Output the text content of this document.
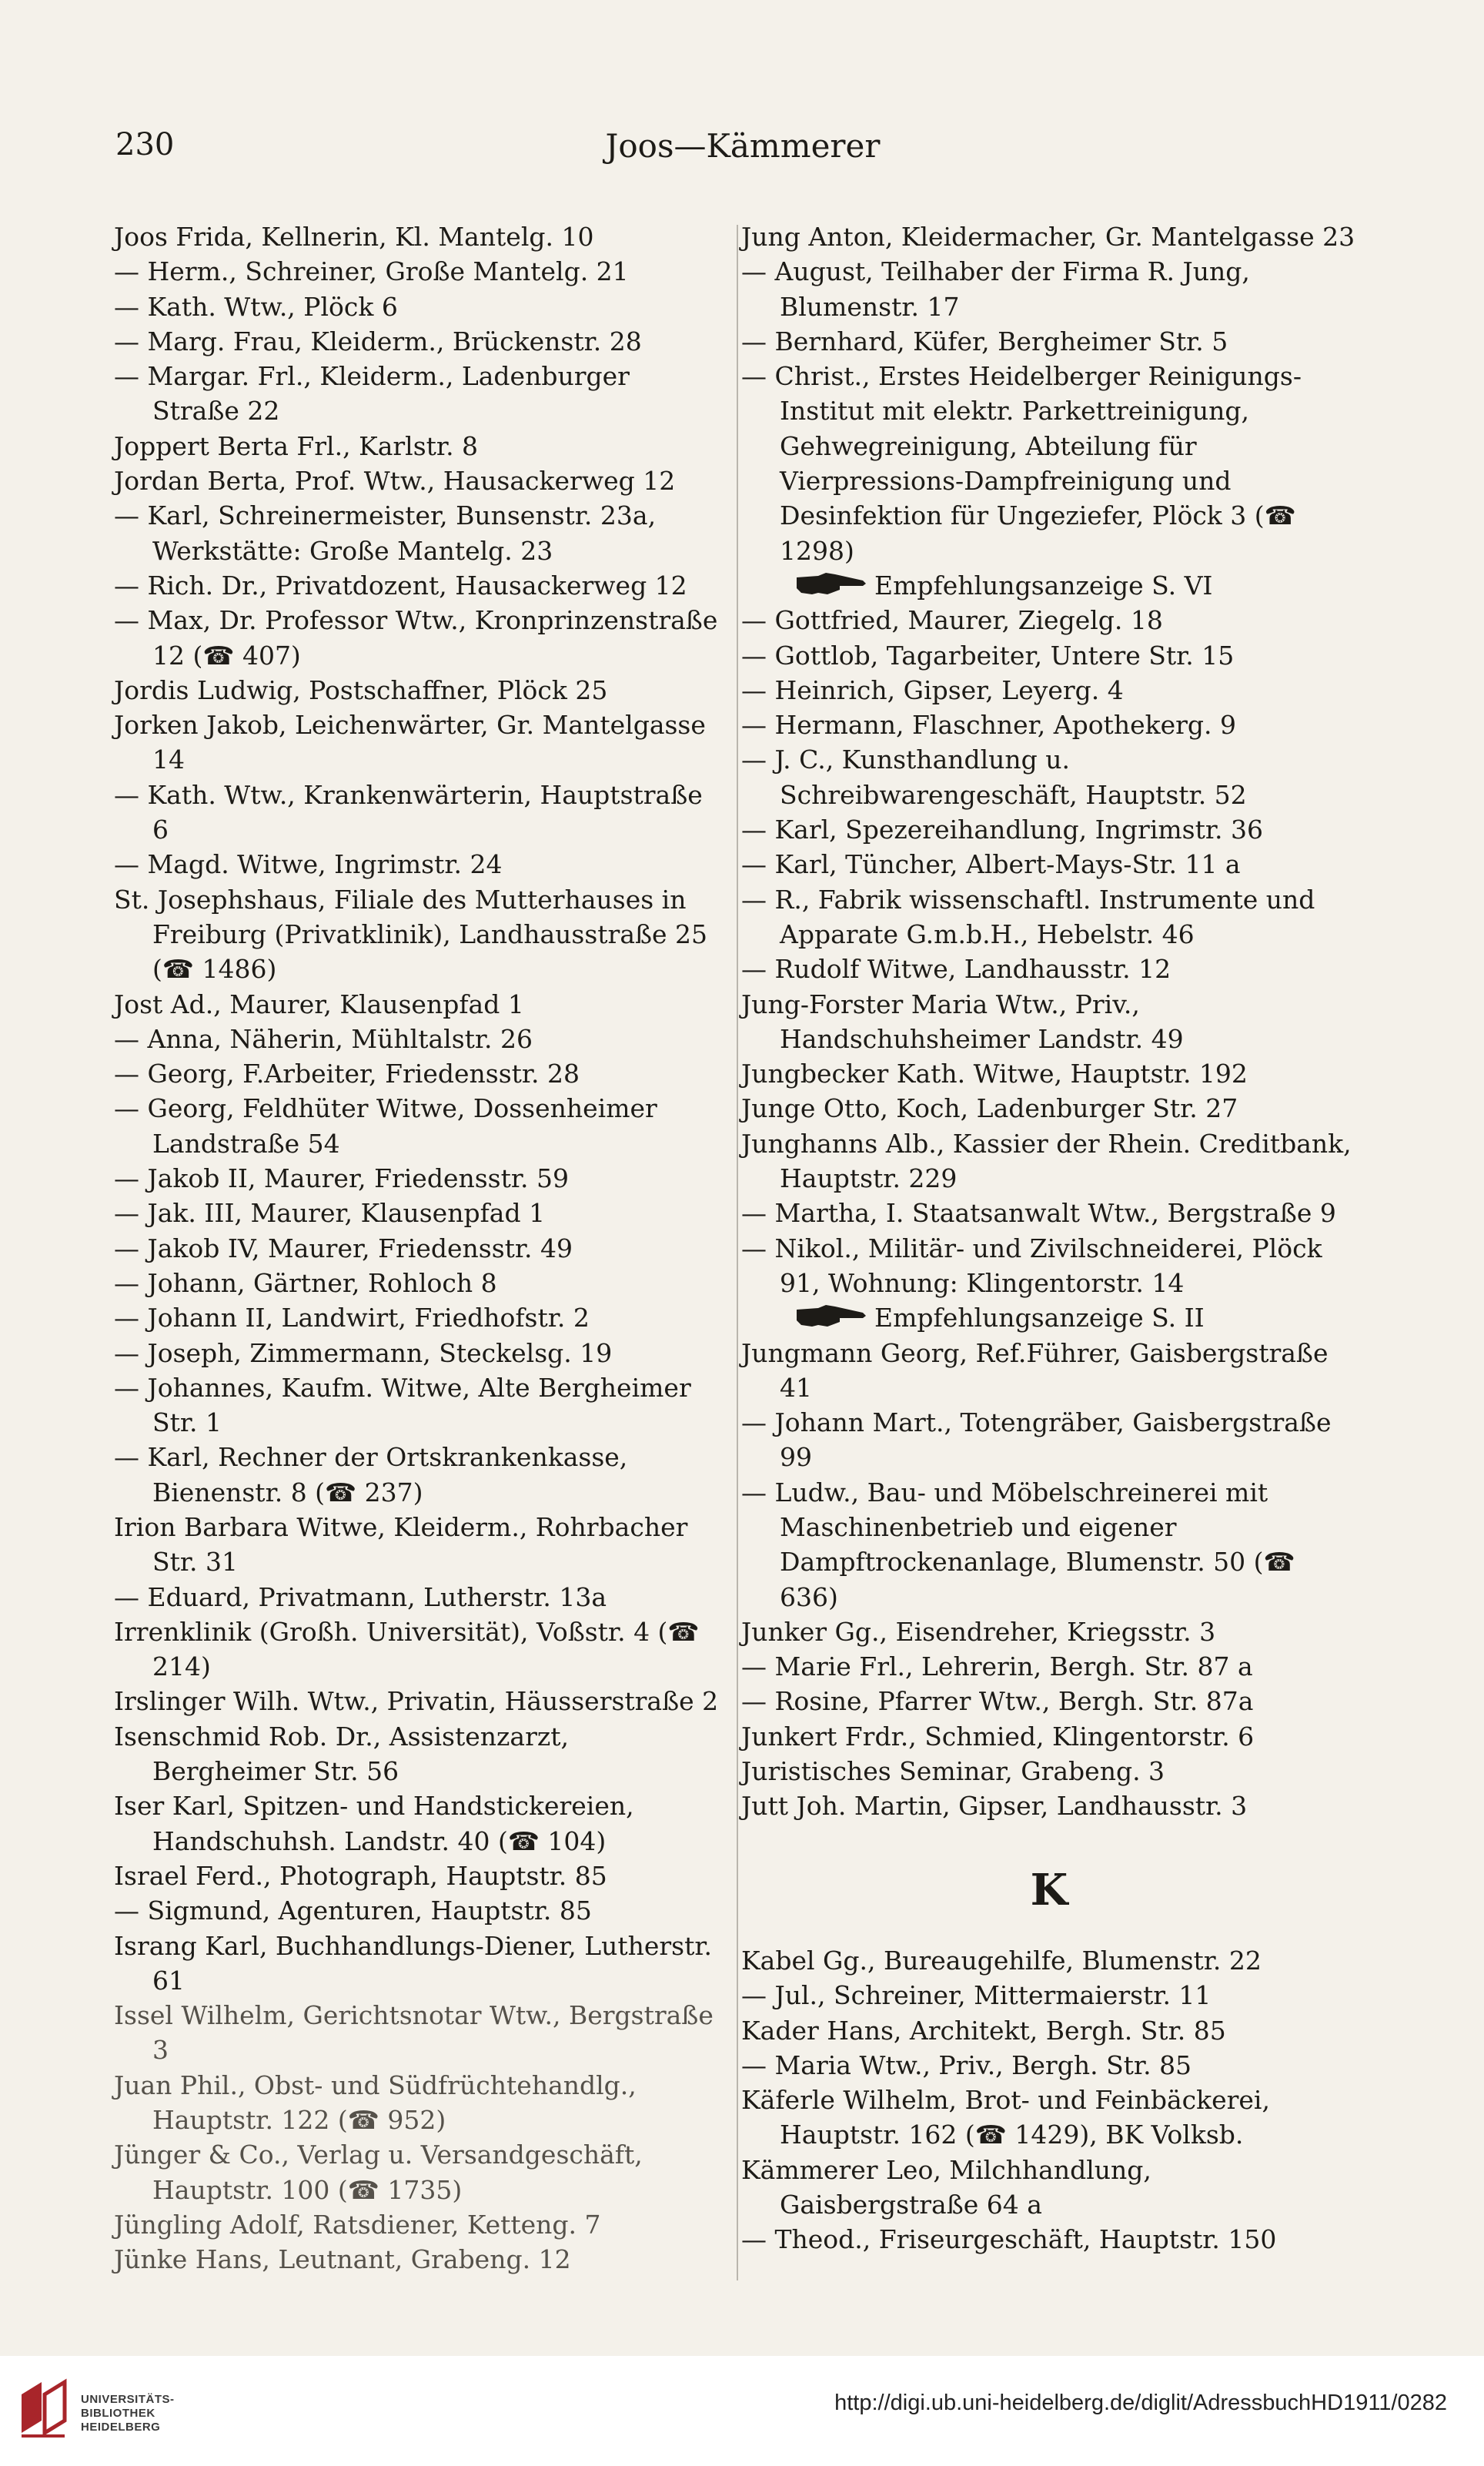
230	Joos—Kämmerer

Joos Frida, Kellnerin, Kl. Mantelg. 10

— Herm., Schreiner, Große Mantelg. 21

— Kath. Wtw., Plöck 6

— Marg. Frau, Kleiderm., Brückenstr. 28

— Margar. Frl., Kleiderm., Ladenburger Straße 22

Joppert Berta Frl., Karlstr. 8

Jordan Berta, Prof. Wtw., Hausackerweg 12

— Karl, Schreinermeister, Bunsenstr. 23a, Werkstätte: Große Mantelg. 23

— Rich. Dr., Privatdozent, Hausackerweg 12

— Max, Dr. Professor Wtw., Kronprinzenstraße 12 (☎ 407)

Jordis Ludwig, Postschaffner, Plöck 25

Jorken Jakob, Leichenwärter, Gr. Mantelgasse 14

— Kath. Wtw., Krankenwärterin, Hauptstraße 6

— Magd. Witwe, Ingrimstr. 24

St. Josephshaus, Filiale des Mutterhauses in Freiburg (Privatklinik), Landhausstraße 25 (☎ 1486)

Jost Ad., Maurer, Klausenpfad 1

— Anna, Näherin, Mühltalstr. 26

— Georg, F.Arbeiter, Friedensstr. 28

— Georg, Feldhüter Witwe, Dossenheimer Landstraße 54

— Jakob II, Maurer, Friedensstr. 59

— Jak. III, Maurer, Klausenpfad 1

— Jakob IV, Maurer, Friedensstr. 49

— Johann, Gärtner, Rohloch 8

— Johann II, Landwirt, Friedhofstr. 2

— Joseph, Zimmermann, Steckelsg. 19

— Johannes, Kaufm. Witwe, Alte Bergheimer Str. 1

— Karl, Rechner der Ortskrankenkasse, Bienenstr. 8 (☎ 237)

Irion Barbara Witwe, Kleiderm., Rohrbacher Str. 31

— Eduard, Privatmann, Lutherstr. 13a

Irrenklinik (Großh. Universität), Voßstr. 4 (☎ 214)

Irslinger Wilh. Wtw., Privatin, Häusserstraße 2

Isenschmid Rob. Dr., Assistenzarzt, Bergheimer Str. 56

Iser Karl, Spitzen- und Handstickereien, Handschuhsh. Landstr. 40 (☎ 104)

Israel Ferd., Photograph, Hauptstr. 85

— Sigmund, Agenturen, Hauptstr. 85

Israng Karl, Buchhandlungs-Diener, Lutherstr. 61

Issel Wilhelm, Gerichtsnotar Wtw., Bergstraße 3

Juan Phil., Obst- und Südfrüchtehandlg., Hauptstr. 122 (☎ 952)

Jünger & Co., Verlag u. Versandgeschäft, Hauptstr. 100 (☎ 1735)

Jüngling Adolf, Ratsdiener, Ketteng. 7

Jünke Hans, Leutnant, Grabeng. 12

Jung Anton, Kleidermacher, Gr. Mantelgasse 23

— August, Teilhaber der Firma R. Jung, Blumenstr. 17

— Bernhard, Küfer, Bergheimer Str. 5

— Christ., Erstes Heidelberger Reinigungs-Institut mit elektr. Parkettreinigung, Gehwegreinigung, Abteilung für Vierpressions-Dampfreinigung und Desinfektion für Ungeziefer, Plöck 3 (☎ 1298)

Empfehlungsanzeige S. VI

— Gottfried, Maurer, Ziegelg. 18

— Gottlob, Tagarbeiter, Untere Str. 15

— Heinrich, Gipser, Leyerg. 4

— Hermann, Flaschner, Apothekerg. 9

— J. C., Kunsthandlung u. Schreibwarengeschäft, Hauptstr. 52

— Karl, Spezereihandlung, Ingrimstr. 36

— Karl, Tüncher, Albert-Mays-Str. 11 a

— R., Fabrik wissenschaftl. Instrumente und Apparate G.m.b.H., Hebelstr. 46

— Rudolf Witwe, Landhausstr. 12

Jung-Forster Maria Wtw., Priv., Handschuhsheimer Landstr. 49

Jungbecker Kath. Witwe, Hauptstr. 192

Junge Otto, Koch, Ladenburger Str. 27

Junghanns Alb., Kassier der Rhein. Creditbank, Hauptstr. 229

— Martha, I. Staatsanwalt Wtw., Bergstraße 9

— Nikol., Militär- und Zivilschneiderei, Plöck 91, Wohnung: Klingentorstr. 14

Empfehlungsanzeige S. II

Jungmann Georg, Ref.Führer, Gaisbergstraße 41

— Johann Mart., Totengräber, Gaisbergstraße 99

— Ludw., Bau- und Möbelschreinerei mit Maschinenbetrieb und eigener Dampftrockenanlage, Blumenstr. 50 (☎ 636)

Junker Gg., Eisendreher, Kriegsstr. 3

— Marie Frl., Lehrerin, Bergh. Str. 87 a

— Rosine, Pfarrer Wtw., Bergh. Str. 87a

Junkert Frdr., Schmied, Klingentorstr. 6

Juristisches Seminar, Grabeng. 3

Jutt Joh. Martin, Gipser, Landhausstr. 3

K

Kabel Gg., Bureaugehilfe, Blumenstr. 22

— Jul., Schreiner, Mittermaierstr. 11

Kader Hans, Architekt, Bergh. Str. 85

— Maria Wtw., Priv., Bergh. Str. 85

Käferle Wilhelm, Brot- und Feinbäckerei, Hauptstr. 162 (☎ 1429), BK Volksb.

Kämmerer Leo, Milchhandlung, Gaisbergstraße 64 a

— Theod., Friseurgeschäft, Hauptstr. 150

UNIVERSITÄTS-
BIBLIOTHEK
HEIDELBERG
http://digi.ub.uni-heidelberg.de/diglit/AdressbuchHD1911/0282
